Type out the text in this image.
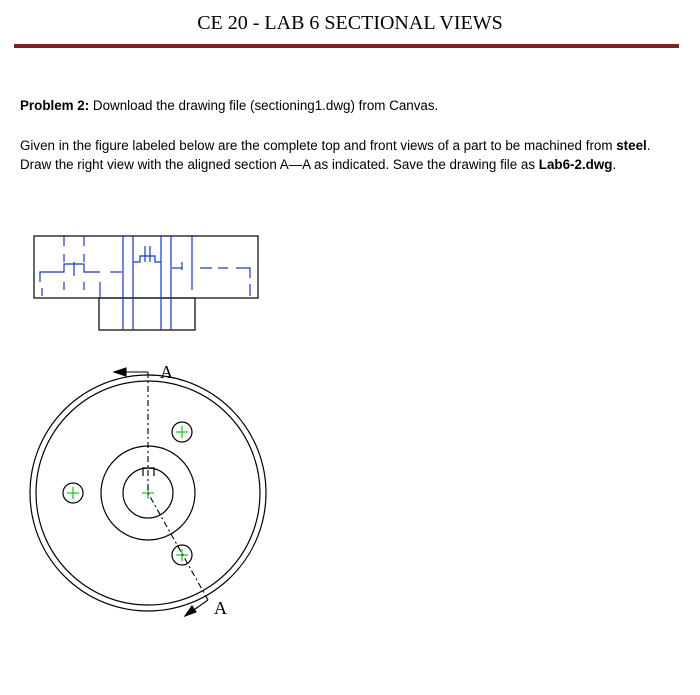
CE 20 - LAB 6 SECTIONAL VIEWS

Problem 2: Download the drawing file (sectioning1.dwg) from Canvas.

Given in the figure labeled below are the complete top and front views of a part to be machined from steel. Draw the right view with the aligned section A—A as indicated. Save the drawing file as Lab6-2.dwg.

A
A
